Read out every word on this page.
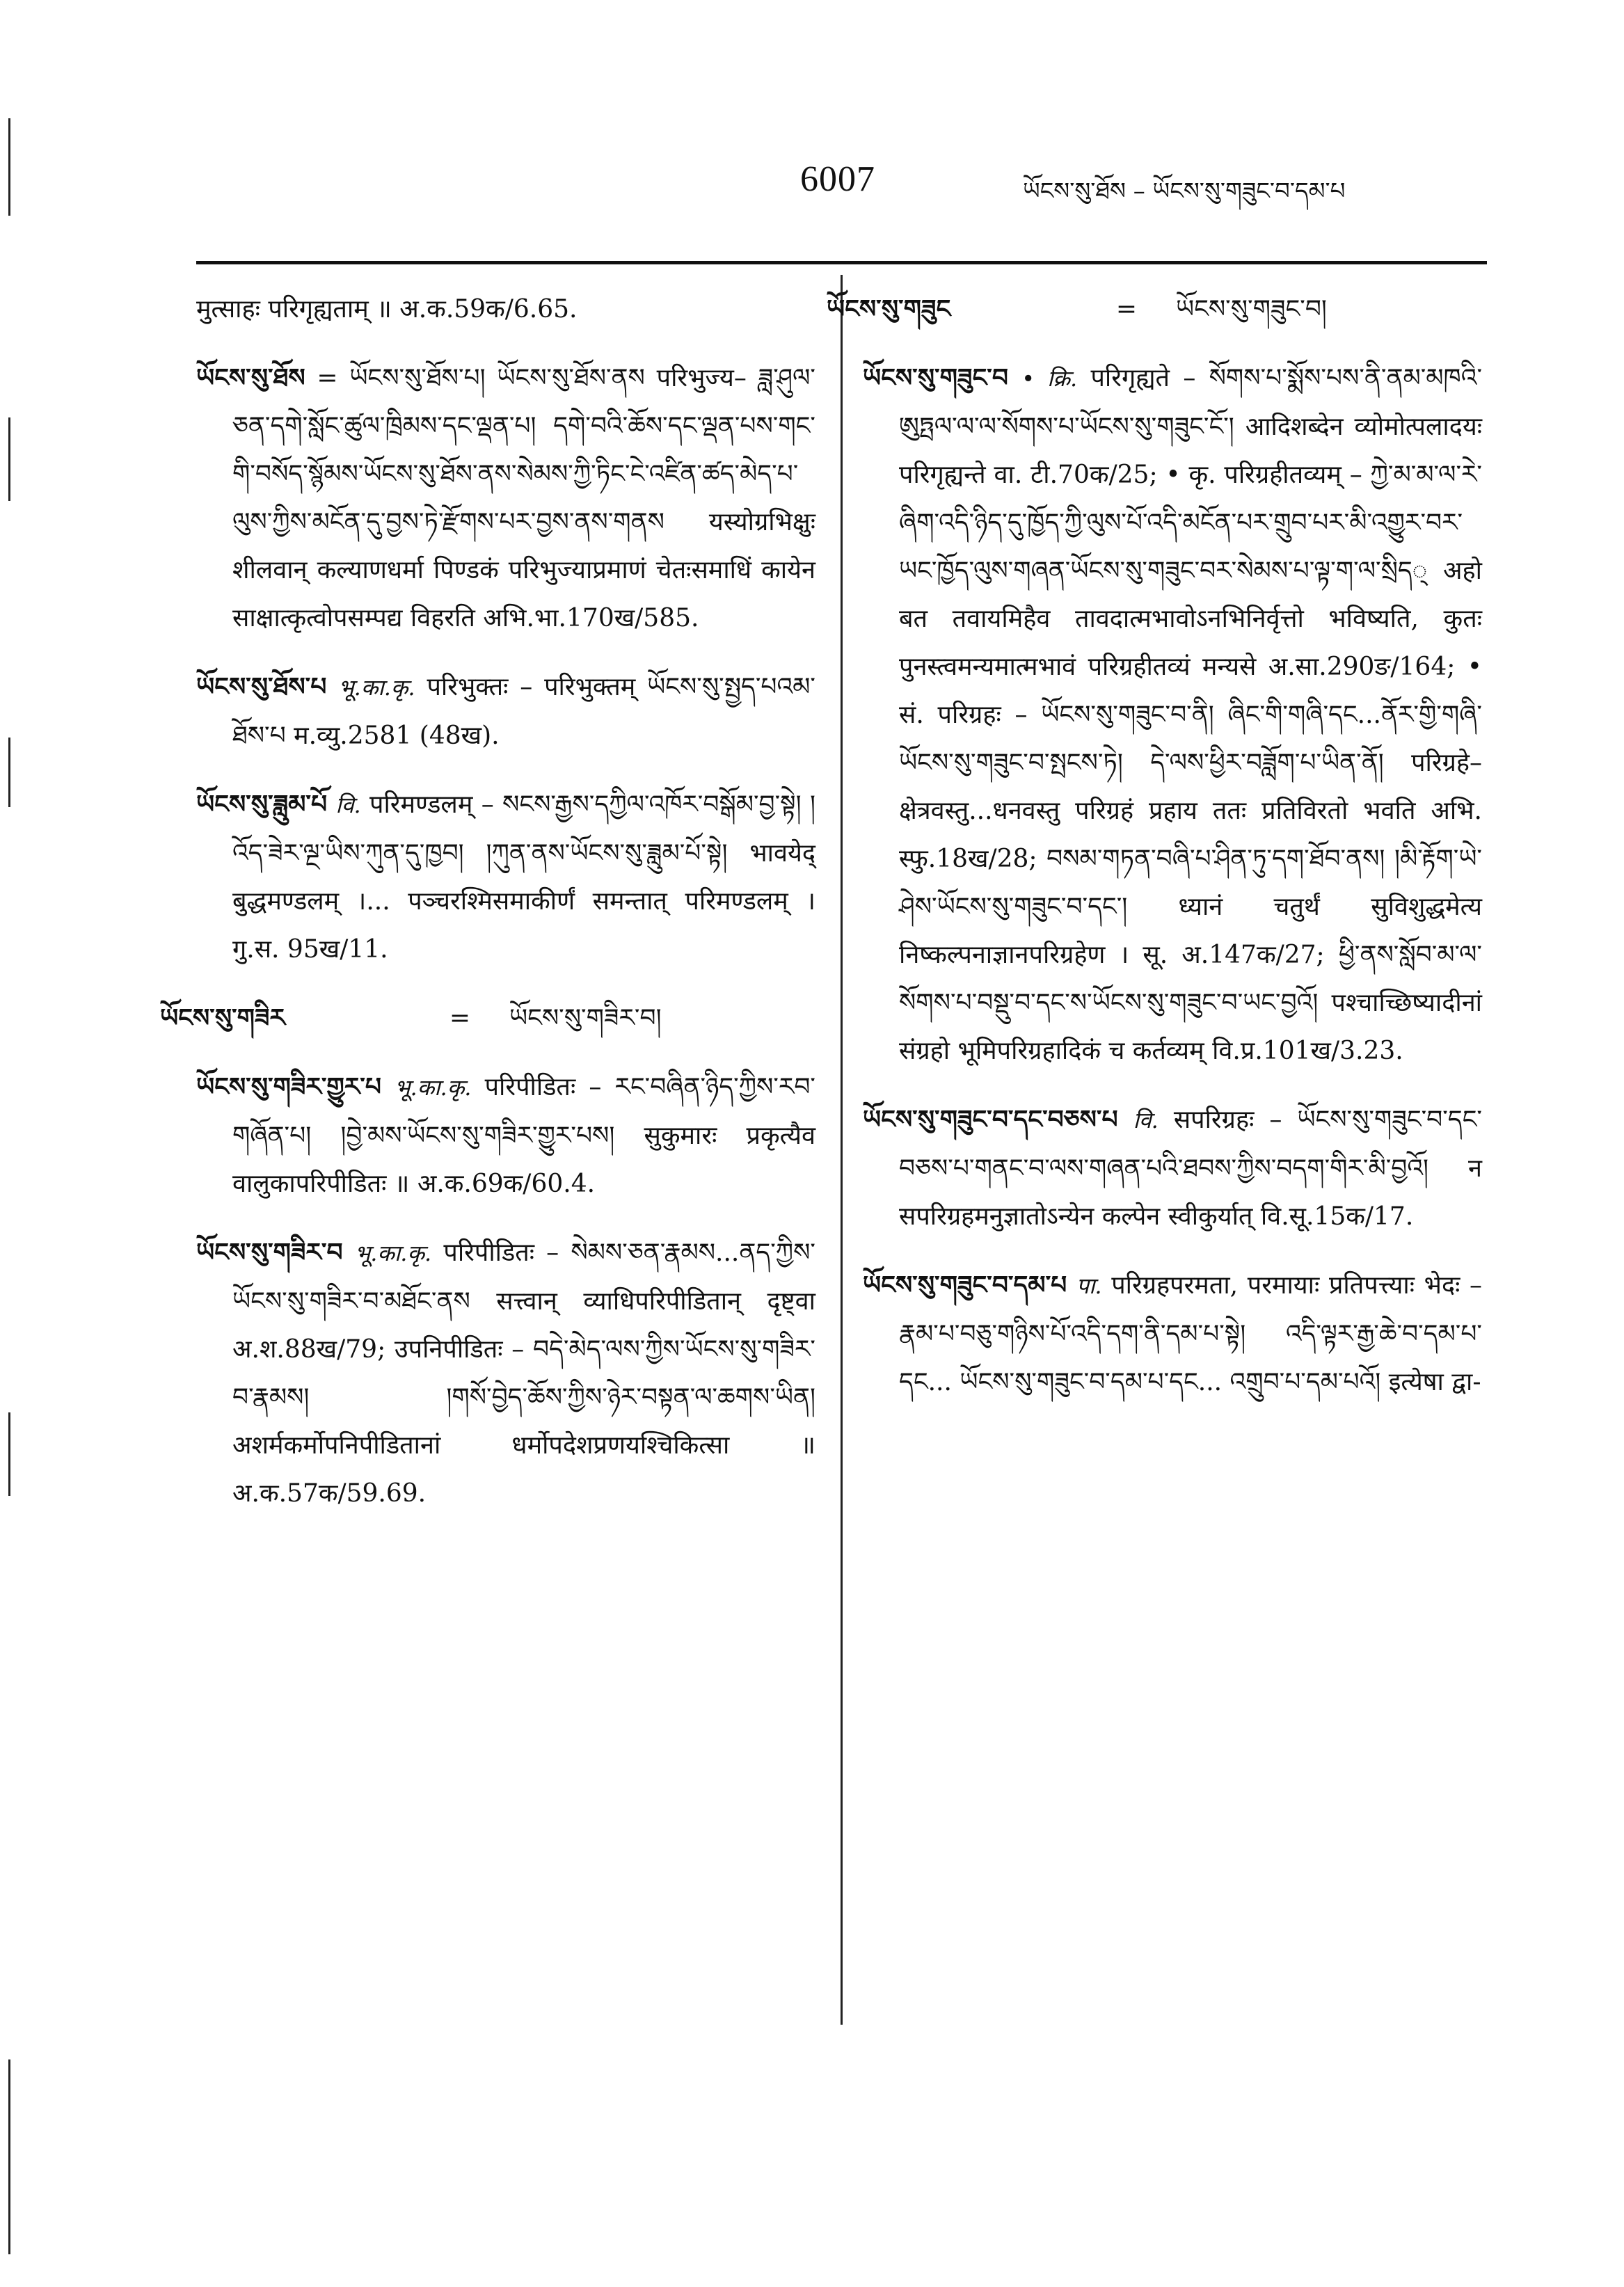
6007	ཡོངས་སུ་ཐོས – ཡོངས་སུ་གཟུང་བ་དམ་པ

मुत्साहः परिगृह्यताम् ॥ अ.क.59क/6.65.

ཡོངས་སུ་ཐོས = ཡོངས་སུ་ཐོས་པ། ཡོངས་སུ་ཐོས་ནས परिभुज्य– ཟླ་ཤུལ་ཅན་དགེ་སློང་ཚུལ་ཁྲིམས་དང་ལྡན་པ། དགེ་བའི་ཆོས་དང་ལྡན་པས་གང་གི་བསོད་སྙོམས་ཡོངས་སུ་ཐོས་ནས་སེམས་ཀྱི་ཏིང་ངེ་འཛིན་ཚད་མེད་པ་ལུས་ཀྱིས་མངོན་དུ་བྱས་ཏེ་རྫོགས་པར་བྱས་ནས་གནས यस्योग्रभिक्षुः शीलवान् कल्याणधर्मा पिण्डकं परिभुज्याप्रमाणं चेतःसमाधिं कायेन साक्षात्कृत्वोपसम्पद्य विहरति अभि.भा.170ख/585.

ཡོངས་སུ་ཐོས་པ भू.का.कृ. परिभुक्तः – परिभुक्तम् ཡོངས་སུ་སྤྱད་པའམ་ཐོས་པ म.व्यु.2581 (48ख).

ཡོངས་སུ་ཟླུམ་པོ वि. परिमण्डलम् – སངས་རྒྱས་དཀྱིལ་འཁོར་བསྒོམ་བྱ་སྟེ། །འོད་ཟེར་ལྔ་ཡིས་ཀུན་དུ་ཁྱབ། །ཀུན་ནས་ཡོངས་སུ་ཟླུམ་པོ་སྟེ། भावयेद् बुद्धमण्डलम् ।... पञ्चरश्मिसमाकीर्णं समन्तात् परिमण्डलम् । गु.स. 95ख/11.

ཡོངས་སུ་གཟིར	= ཡོངས་སུ་གཟིར་བ།

ཡོངས་སུ་གཟིར་གྱུར་པ भू.का.कृ. परिपीडितः – རང་བཞིན་ཉིད་ཀྱིས་རབ་གཞོན་པ། །བྱེ་མས་ཡོངས་སུ་གཟིར་གྱུར་པས། सुकुमारः प्रकृत्यैव वालुकापरिपीडितः ॥ अ.क.69क/60.4.

ཡོངས་སུ་གཟིར་བ भू.का.कृ. परिपीडितः – སེམས་ཅན་རྣམས...ནད་ཀྱིས་ཡོངས་སུ་གཟིར་བ་མཐོང་ནས सत्त्वान् व्याधिपरिपीडितान् दृष्ट्वा अ.श.88ख/79; उपनिपीडितः – བདེ་མེད་ལས་ཀྱིས་ཡོངས་སུ་གཟིར་བ་རྣམས། །གསོ་བྱེད་ཆོས་ཀྱིས་ཉེར་བསྟན་ལ་ཆགས་ཡིན། अशर्मकर्मोपनिपीडितानां धर्मोपदेशप्रणयश्चिकित्सा ॥ अ.क.57क/59.69.

ཡོངས་སུ་གཟུང	= ཡོངས་སུ་གཟུང་བ།

ཡོངས་སུ་གཟུང་བ • क्रि. परिगृह्यते – སོགས་པ་སྨོས་པས་ནི་ནམ་མཁའི་ཨུཏྤལ་ལ་ལ་སོགས་པ་ཡོངས་སུ་གཟུང་ངོ་། आदिशब्देन व्योमोत्पलादयः परिगृह्यन्ते वा. टी.70क/25; • कृ. परिग्रहीतव्यम् – ཀྱེ་མ་མ་ལ་རེ་ཞིག་འདི་ཉིད་དུ་ཁྱོད་ཀྱི་ལུས་པོ་འདི་མངོན་པར་གྲུབ་པར་མི་འགྱུར་བར་ཡང་ཁྱོད་ལུས་གཞན་ཡོངས་སུ་གཟུང་བར་སེམས་པ་ལྟ་ག་ལ་སྲིད् अहो बत तवायमिहैव तावदात्मभावोऽनभिनिर्वृत्तो भविष्यति, कुतः पुनस्त्वमन्यमात्मभावं परिग्रहीतव्यं मन्यसे अ.सा.290ङ/164; • सं. परिग्रहः – ཡོངས་སུ་གཟུང་བ་ནི། ཞིང་གི་གཞི་དང...ནོར་གྱི་གཞི་ཡོངས་སུ་གཟུང་བ་སྤངས་ཏེ། དེ་ལས་ཕྱིར་བཟློག་པ་ཡིན་ནོ། परिग्रहे–क्षेत्रवस्तु...धनवस्तु परिग्रहं प्रहाय ततः प्रतिविरतो भवति अभि. स्फु.18ख/28; བསམ་གཏན་བཞི་པ་ཤིན་ཏུ་དག་ཐོབ་ནས། །མི་རྟོག་ཡེ་ཤེས་ཡོངས་སུ་གཟུང་བ་དང་། ध्यानं चतुर्थं सुविशुद्धमेत्य निष्कल्पनाज्ञानपरिग्रहेण । सू. अ.147क/27; ཕྱི་ནས་སློབ་མ་ལ་སོགས་པ་བསྡུ་བ་དང་ས་ཡོངས་སུ་གཟུང་བ་ཡང་བྱའོ། पश्चाच्छिष्यादीनां संग्रहो भूमिपरिग्रहादिकं च कर्तव्यम् वि.प्र.101ख/3.23.

ཡོངས་སུ་གཟུང་བ་དང་བཅས་པ वि. सपरिग्रहः – ཡོངས་སུ་གཟུང་བ་དང་བཅས་པ་གནང་བ་ལས་གཞན་པའི་ཐབས་ཀྱིས་བདག་གིར་མི་བྱའོ། न सपरिग्रहमनुज्ञातोऽन्येन कल्पेन स्वीकुर्यात् वि.सू.15क/17.

ཡོངས་སུ་གཟུང་བ་དམ་པ पा. परिग्रहपरमता, परमायाः प्रतिपत्त्याः भेदः – རྣམ་པ་བཅུ་གཉིས་པོ་འདི་དག་ནི་དམ་པ་སྟེ། འདི་ལྟར་རྒྱ་ཆེ་བ་དམ་པ་དང... ཡོངས་སུ་གཟུང་བ་དམ་པ་དང... འགྲུབ་པ་དམ་པའོ། इत्येषा द्वा-
